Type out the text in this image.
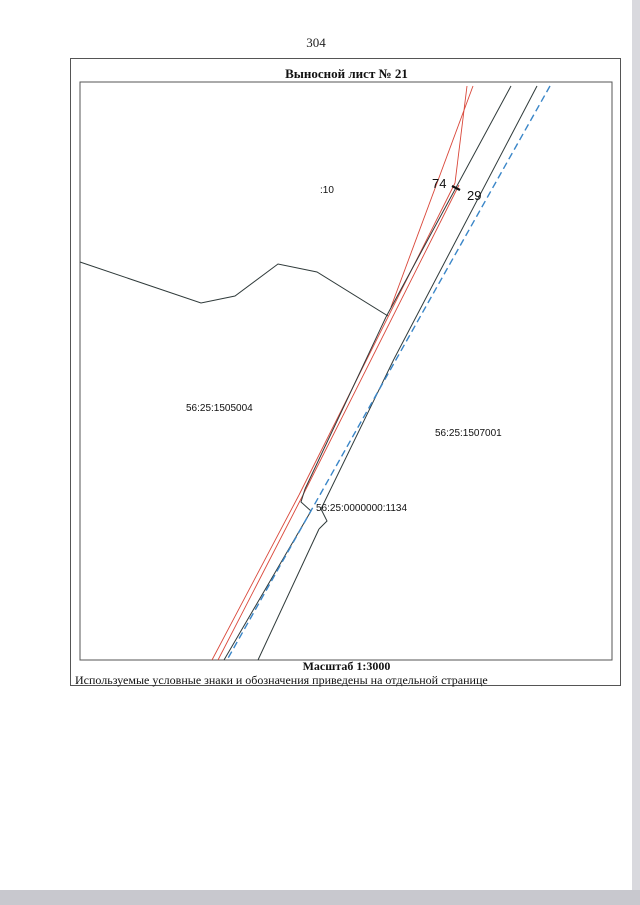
304
74
29
:10
56:25:1505004
56:25:1507001
56:25:0000000:1134
Выносной лист № 21
Масштаб 1:3000
Используемые условные знаки и обозначения приведены на отдельной странице
